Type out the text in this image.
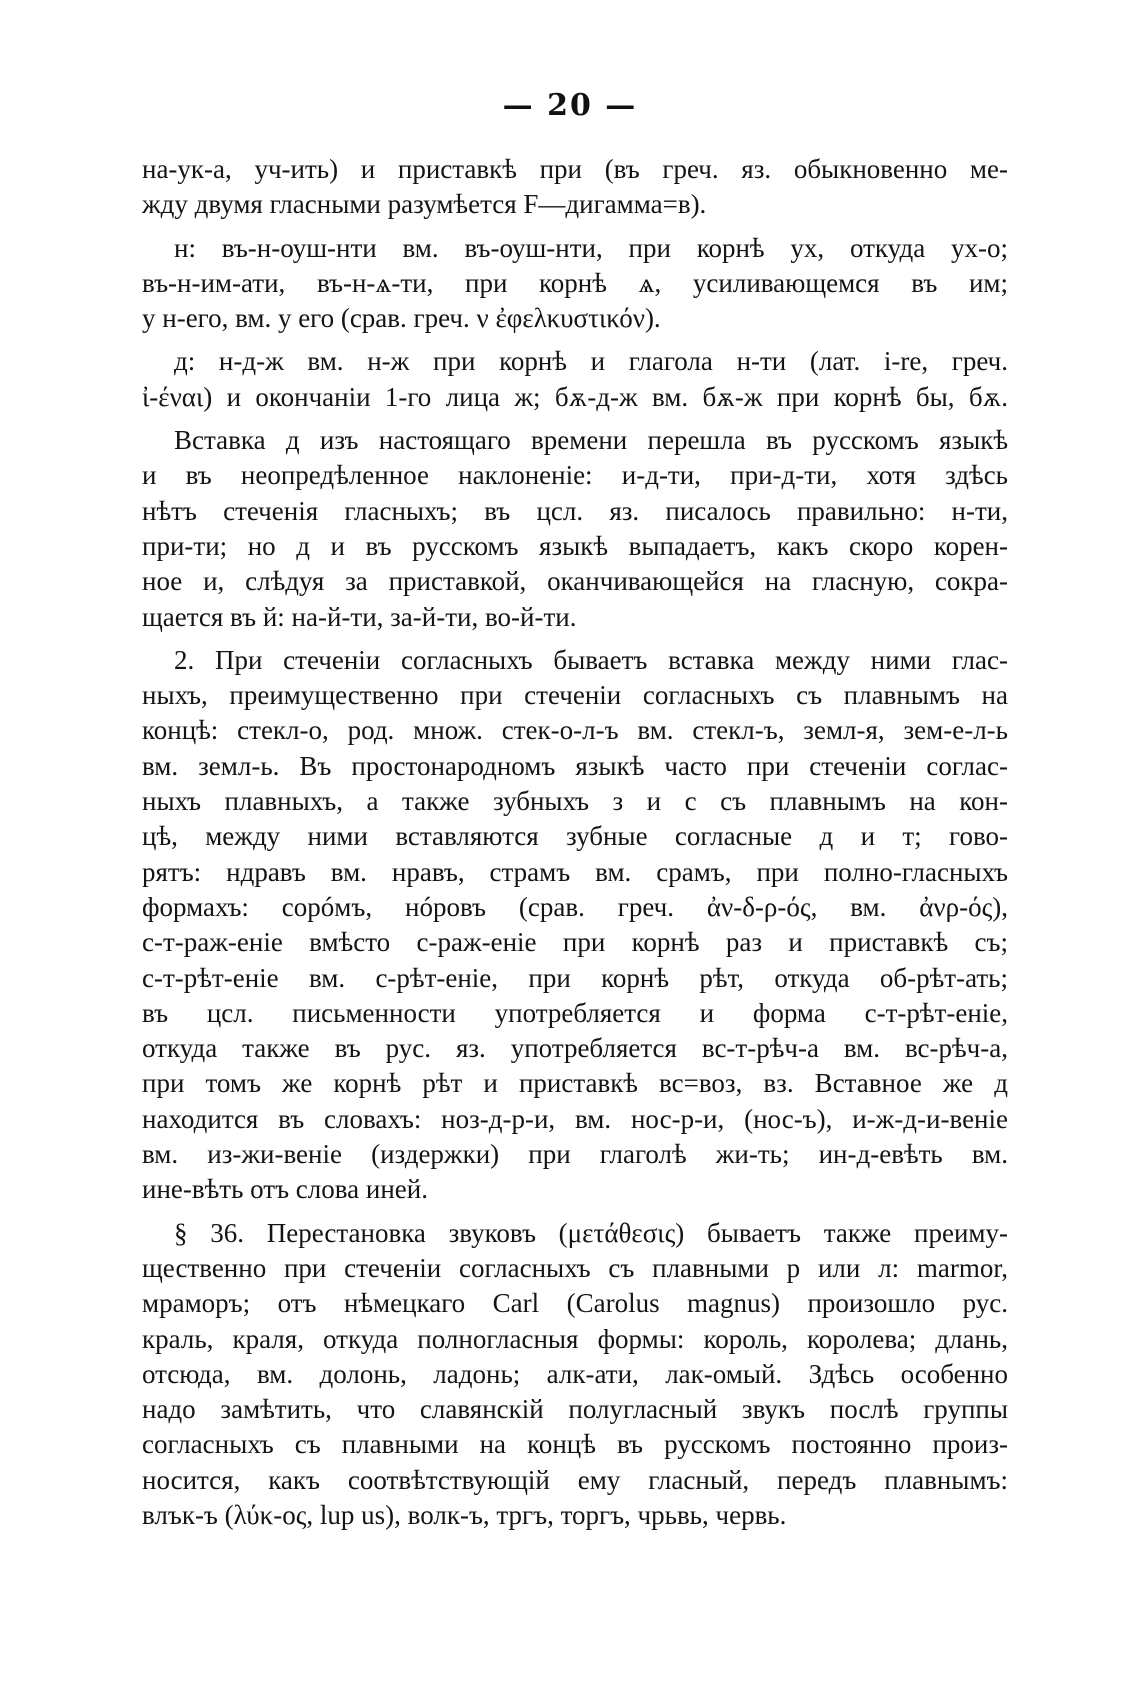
— 20 —
на-ук-а, уч-ить) и приставкѣ при (въ греч. яз. обыкновенно ме-
жду двумя гласными разумѣется F—дигамма=в).
н: въ-н-оуш-нти вм. въ-оуш-нти, при корнѣ ух, откуда ух-о;
въ-н-им-ати, въ-н-ѧ-ти, при корнѣ ѧ, усиливающемся въ им;
у н-его, вм. у его (срав. греч. ν ἐφελκυστικόν).
д: н-д-ж вм. н-ж при корнѣ и глагола н-ти (лат. i-re, греч.
ἰ-έναι) и окончанiи 1-го лица ж; бѫ-д-ж вм. бѫ-ж при корнѣ бы, бѫ.
Вставка д изъ настоящаго времени перешла въ русскомъ языкѣ
и въ неопредѣленное наклоненiе: и-д-ти, при-д-ти, хотя здѣсь
нѣтъ стеченiя гласныхъ; въ цсл. яз. писалось правильно: н-ти,
при-ти; но д и въ русскомъ языкѣ выпадаетъ, какъ скоро корен-
ное и, слѣдуя за приставкой, оканчивающейся на гласную, сокра-
щается въ й: на-й-ти, за-й-ти, во-й-ти.
2. При стеченiи согласныхъ бываетъ вставка между ними глас-
ныхъ, преимущественно при стеченiи согласныхъ съ плавнымъ на
концѣ: стекл-о, род. множ. стек-о-л-ъ вм. стекл-ъ, земл-я, зем-е-л-ь
вм. земл-ь. Въ простонародномъ языкѣ часто при стеченiи соглас-
ныхъ плавныхъ, а также зубныхъ з и с съ плавнымъ на кон-
цѣ, между ними вставляются зубные согласные д и т; гово-
рятъ: ндравъ вм. нравъ, страмъ вм. срамъ, при полно-гласныхъ
формахъ: сорóмъ, нóровъ (срав. греч. ἀν-δ-ρ-ός, вм. ἀνρ-ός),
с-т-раж-енiе вмѣсто с-раж-енiе при корнѣ раз и приставкѣ съ;
с-т-рѣт-енiе вм. с-рѣт-енiе, при корнѣ рѣт, откуда об-рѣт-ать;
въ цсл. письменности употребляется и форма с-т-рѣт-енiе,
откуда также въ рус. яз. употребляется вс-т-рѣч-а вм. вс-рѣч-а,
при томъ же корнѣ рѣт и приставкѣ вс=воз, вз. Вставное же д
находится въ словахъ: ноз-д-р-и, вм. нос-р-и, (нос-ъ), и-ж-д-и-венiе
вм. из-жи-венiе (издержки) при глаголѣ жи-ть; ин-д-евѣть вм.
ине-вѣть отъ слова иней.
§ 36. Перестановка звуковъ (μετάθεσις) бываетъ также преиму-
щественно при стеченiи согласныхъ съ плавными р или л: marmor,
мраморъ; отъ нѣмецкаго Carl (Carolus magnus) произошло рус.
краль, краля, откуда полногласныя формы: король, королева; длань,
отсюда, вм. долонь, ладонь; алк-ати, лак-омый. Здѣсь особенно
надо замѣтить, что славянскiй полугласный звукъ послѣ группы
согласныхъ съ плавными на концѣ въ русскомъ постоянно произ-
носится, какъ соотвѣтствующiй ему гласный, передъ плавнымъ:
влък-ъ (λύκ-ος, lup us), волк-ъ, тргъ, торгъ, чрьвь, червь.
